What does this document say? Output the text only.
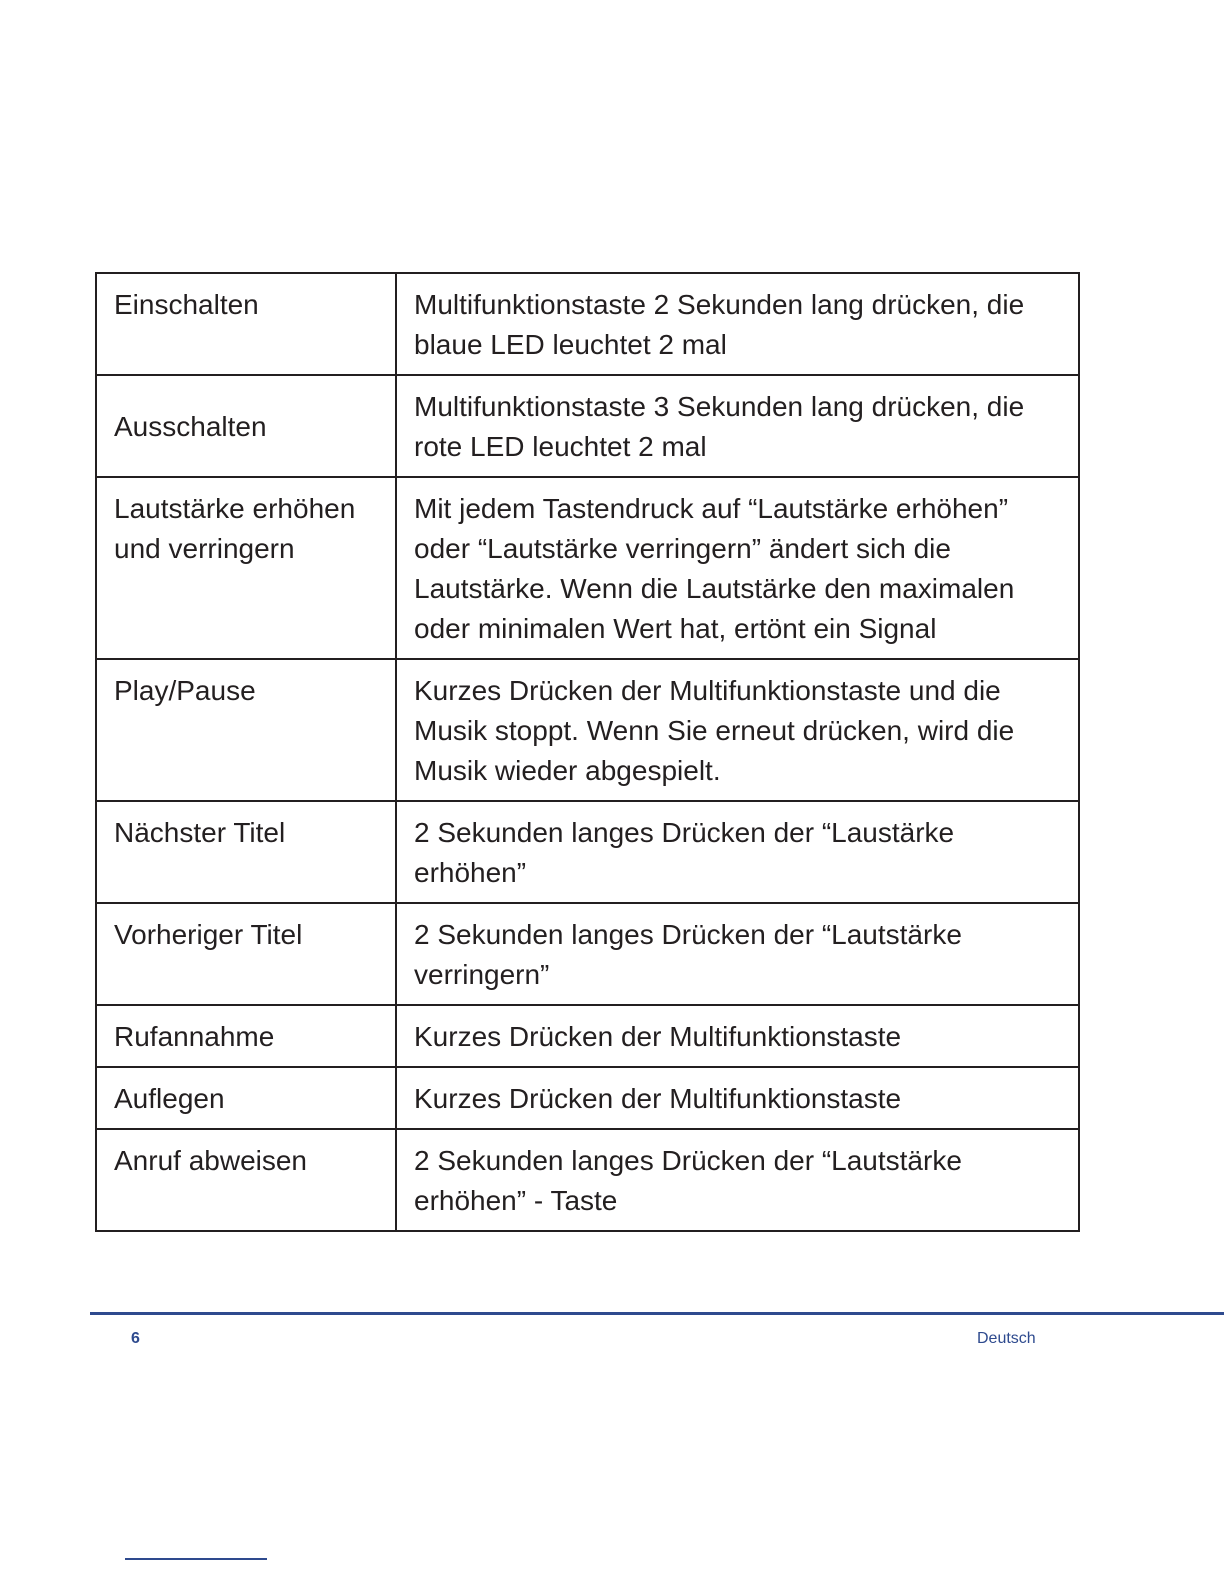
Einschalten	Multifunktionstaste 2 Sekunden lang drücken, die blaue LED leuchtet 2 mal
Ausschalten	Multifunktionstaste 3 Sekunden lang drücken, die rote LED leuchtet 2 mal
Lautstärke erhöhen und verringern	Mit jedem Tastendruck auf “Lautstärke erhöhen” oder “Lautstärke verringern” ändert sich die Lautstärke. Wenn die Lautstärke den maximalen oder minimalen Wert hat, ertönt ein Signal
Play/Pause	Kurzes Drücken der Multifunktionstaste und die Musik stoppt. Wenn Sie erneut drücken, wird die Musik wieder abgespielt.
Nächster Titel	2 Sekunden langes Drücken der “Laustärke erhöhen”
Vorheriger Titel	2 Sekunden langes Drücken der “Lautstärke verringern”
Rufannahme	Kurzes Drücken der Multifunktionstaste
Auflegen	Kurzes Drücken der Multifunktionstaste
Anruf abweisen	2 Sekunden langes Drücken der “Lautstärke erhöhen” - Taste
6	Deutsch
